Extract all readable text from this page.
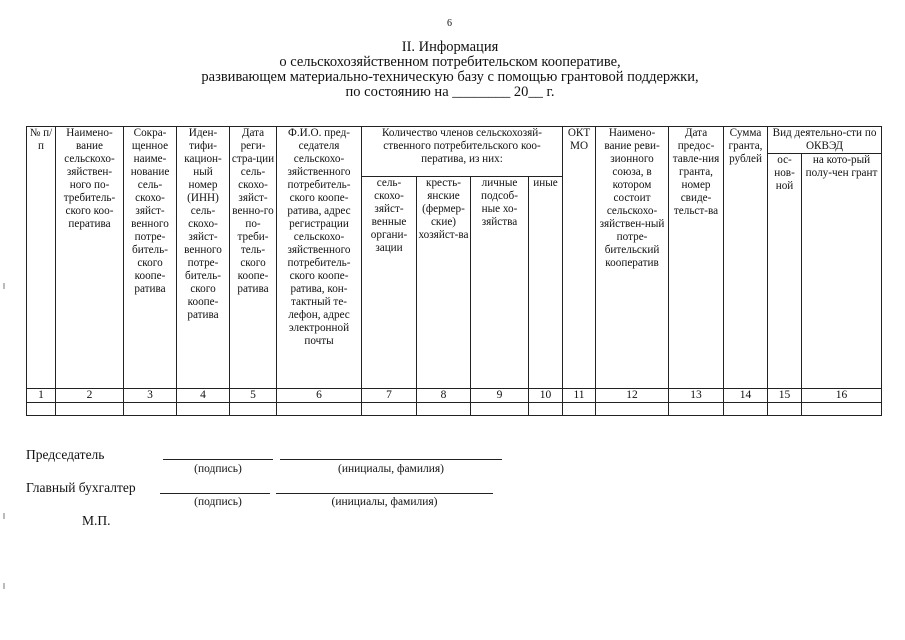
6
II. Информация
о сельскохозяйственном потребительском кооперативе,
развивающем материально-техническую базу с помощью грантовой поддержки,
по состоянию на ________ 20__ г.
№ п/п	Наимено-вание сельскохо-зяйствен-ного по-требитель-ского коо-ператива	Сокра-щенное наиме-нование сель-скохо-зяйст-венного потре-битель-ского коопе-ратива	Иден-тифи-кацион-ный номер (ИНН) сель-скохо-зяйст-венного потре-битель-ского коопе-ратива	Дата реги-стра-ции сель-скохо-зяйст-венно-го по-треби-тель-ского коопе-ратива	Ф.И.О. пред-седателя сельскохо-зяйственного потребитель-ского коопе-ратива, адрес регистрации сельскохо-зяйственного потребитель-ского коопе-ратива, кон-тактный те-лефон, адрес электронной почты	Количество членов сельскохозяй-ственного потребительского коо-ператива, из них:				ОКТ МО	Наимено-вание реви-зионного союза, в котором состоит сельскохо-зяйствен-ный потре-бительский кооператив	Дата предос-тавле-ния гранта, номер свиде-тельст-ва	Сумма гранта, рублей	Вид деятельно-сти по ОКВЭД	
														ос-нов-ной	на кото-рый полу-чен грант
						сель-скохо-зяйст-венные органи-зации	кресть-янские (фермер-ские) хозяйст-ва	личные подсоб-ные хо-зяйства	иные						
1	2	3	4	5	6	7	8	9	10	11	12	13	14	15	16

Председатель
(подпись)	(инициалы, фамилия)
Главный бухгалтер
(подпись)	(инициалы, фамилия)
М.П.
